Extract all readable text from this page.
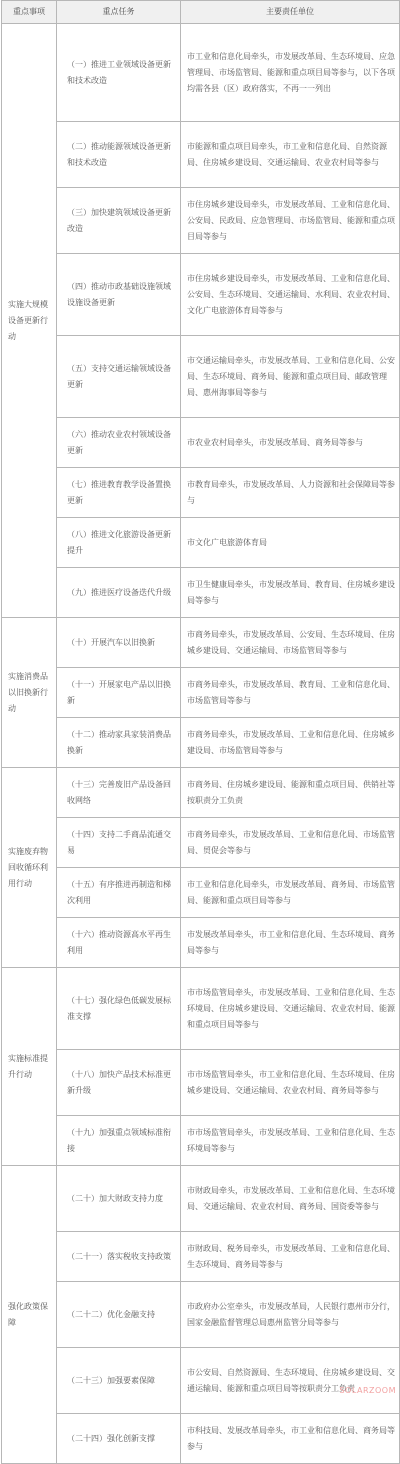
重点事项	重点任务	主要责任单位
实施大规模设备更新行动	（一）推进工业领域设备更新和技术改造	市工业和信息化局牵头，市发展改革局、生态环境局、应急管理局、市场监管局、能源和重点项目局等参与，以下各项均需各县（区）政府落实，不再一一列出
	（二）推动能源领域设备更新和技术改造	市能源和重点项目局牵头，市工业和信息化局、自然资源局、住房城乡建设局、交通运输局、农业农村局等参与
	（三）加快建筑领域设备更新改造	市住房城乡建设局牵头，市发展改革局、工业和信息化局、公安局、民政局、应急管理局、市场监管局、能源和重点项目局等参与
	（四）推动市政基础设施领域设施设备更新	市住房城乡建设局牵头，市发展改革局、工业和信息化局、公安局、生态环境局、交通运输局、水利局、农业农村局、文化广电旅游体育局等参与
	（五）支持交通运输领域设备更新	市交通运输局牵头，市发展改革局、工业和信息化局、公安局、生态环境局、商务局、能源和重点项目局、邮政管理局、惠州海事局等参与
	（六）推动农业农村领域设备更新	市农业农村局牵头，市发展改革局、商务局等参与
	（七）推进教育教学设备置换更新	市教育局牵头，市发展改革局、人力资源和社会保障局等参与
	（八）推进文化旅游设备更新提升	市文化广电旅游体育局
	（九）推进医疗设备迭代升级	市卫生健康局牵头，市发展改革局、教育局、住房城乡建设局等参与
实施消费品以旧换新行动	（十）开展汽车以旧换新	市商务局牵头，市发展改革局、公安局、生态环境局、住房城乡建设局、交通运输局、市场监管局等参与
	（十一）开展家电产品以旧换新	市商务局牵头，市发展改革局、教育局、工业和信息化局、市场监管局等参与
	（十二）推动家具家装消费品换新	市商务局牵头，市发展改革局、工业和信息化局、住房城乡建设局、市场监管局等参与
实施废弃物回收循环利用行动	（十三）完善废旧产品设备回收网络	市商务局、住房城乡建设局、能源和重点项目局、供销社等按职责分工负责
	（十四）支持二手商品流通交易	市商务局牵头，市发展改革局、工业和信息化局、市场监管局、贸促会等参与
	（十五）有序推进再制造和梯次利用	市工业和信息化局牵头，市发展改革局、商务局、市场监管局、能源和重点项目局等参与
	（十六）推动资源高水平再生利用	市发展改革局牵头，市工业和信息化局、生态环境局、商务局等参与
实施标准提升行动	（十七）强化绿色低碳发展标准支撑	市市场监管局牵头，市发展改革局、工业和信息化局、生态环境局、住房城乡建设局、交通运输局、农业农村局、能源和重点项目局等参与
	（十八）加快产品技术标准更新升级	市市场监管局牵头，市工业和信息化局、生态环境局、住房城乡建设局、交通运输局、农业农村局、商务局等参与
	（十九）加强重点领域标准衔接	市市场监管局牵头，市发展改革局、工业和信息化局、生态环境局等参与
强化政策保障	（二十）加大财政支持力度	市财政局牵头，市发展改革局、工业和信息化局、生态环境局、交通运输局、农业农村局、商务局、国资委等参与
	（二十一）落实税收支持政策	市财政局、税务局牵头，市发展改革局、工业和信息化局、生态环境局、商务局等参与
	（二十二）优化金融支持	市政府办公室牵头，市发展改革局，人民银行惠州市分行，国家金融监督管理总局惠州监管分局等参与
	（二十三）加强要素保障	市公安局、自然资源局、生态环境局、住房城乡建设局、交通运输局、能源和重点项目局等按职责分工负责
	（二十四）强化创新支撑	市科技局、发展改革局牵头，市工业和信息化局、商务局等参与
SOLARZOOM
